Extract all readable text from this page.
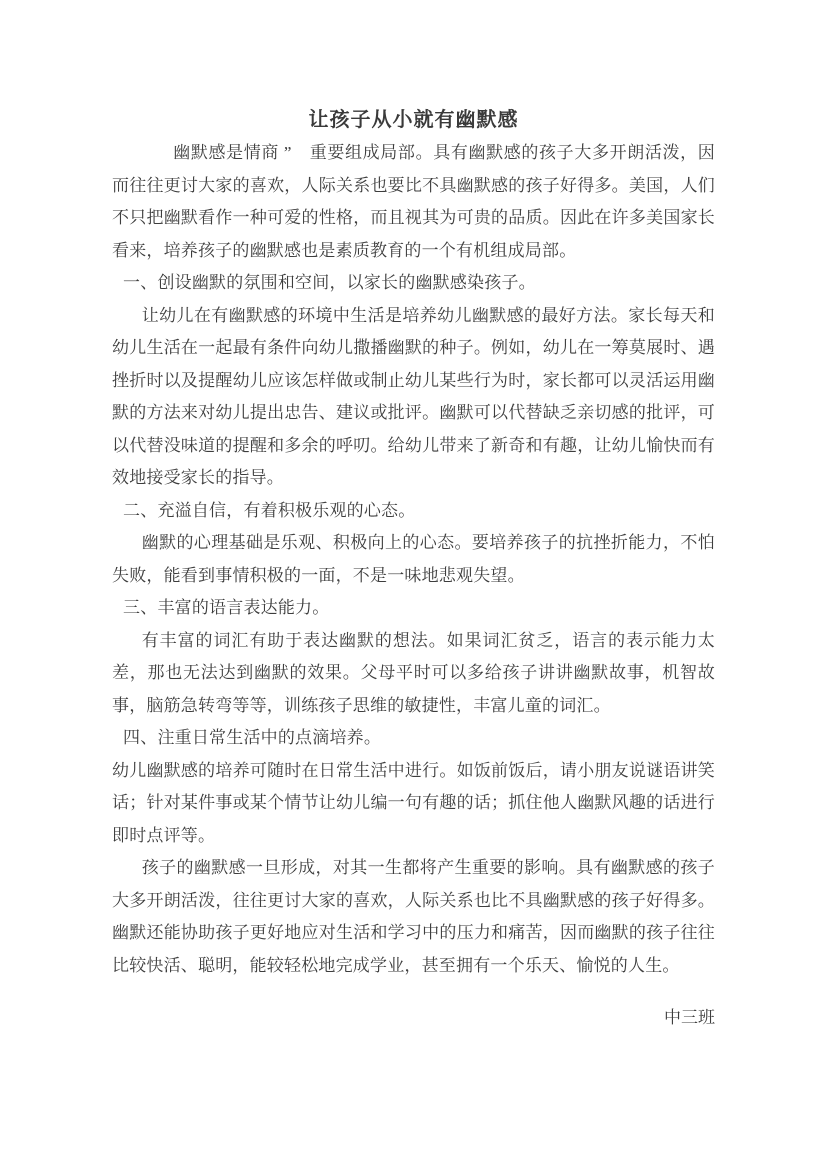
让孩子从小就有幽默感

幽默感是情商 ”　重要组成局部。具有幽默感的孩子大多开朗活泼，因而往往更讨大家的喜欢，人际关系也要比不具幽默感的孩子好得多。美国，人们不只把幽默看作一种可爱的性格，而且视其为可贵的品质。因此在许多美国家长看来，培养孩子的幽默感也是素质教育的一个有机组成局部。

一、创设幽默的氛围和空间，以家长的幽默感染孩子。

让幼儿在有幽默感的环境中生活是培养幼儿幽默感的最好方法。家长每天和幼儿生活在一起最有条件向幼儿撒播幽默的种子。例如，幼儿在一筹莫展时、遇挫折时以及提醒幼儿应该怎样做或制止幼儿某些行为时，家长都可以灵活运用幽默的方法来对幼儿提出忠告、建议或批评。幽默可以代替缺乏亲切感的批评，可以代替没味道的提醒和多余的呼叨。给幼儿带来了新奇和有趣，让幼儿愉快而有效地接受家长的指导。

二、充溢自信，有着积极乐观的心态。

幽默的心理基础是乐观、积极向上的心态。要培养孩子的抗挫折能力，不怕失败，能看到事情积极的一面，不是一味地悲观失望。

三、丰富的语言表达能力。

有丰富的词汇有助于表达幽默的想法。如果词汇贫乏，语言的表示能力太差，那也无法达到幽默的效果。父母平时可以多给孩子讲讲幽默故事，机智故事，脑筋急转弯等等，训练孩子思维的敏捷性，丰富儿童的词汇。

四、注重日常生活中的点滴培养。

幼儿幽默感的培养可随时在日常生活中进行。如饭前饭后，请小朋友说谜语讲笑话；针对某件事或某个情节让幼儿编一句有趣的话；抓住他人幽默风趣的话进行即时点评等。

孩子的幽默感一旦形成，对其一生都将产生重要的影响。具有幽默感的孩子大多开朗活泼，往往更讨大家的喜欢，人际关系也比不具幽默感的孩子好得多。幽默还能协助孩子更好地应对生活和学习中的压力和痛苦，因而幽默的孩子往往比较快活、聪明，能较轻松地完成学业，甚至拥有一个乐天、愉悦的人生。

中三班
